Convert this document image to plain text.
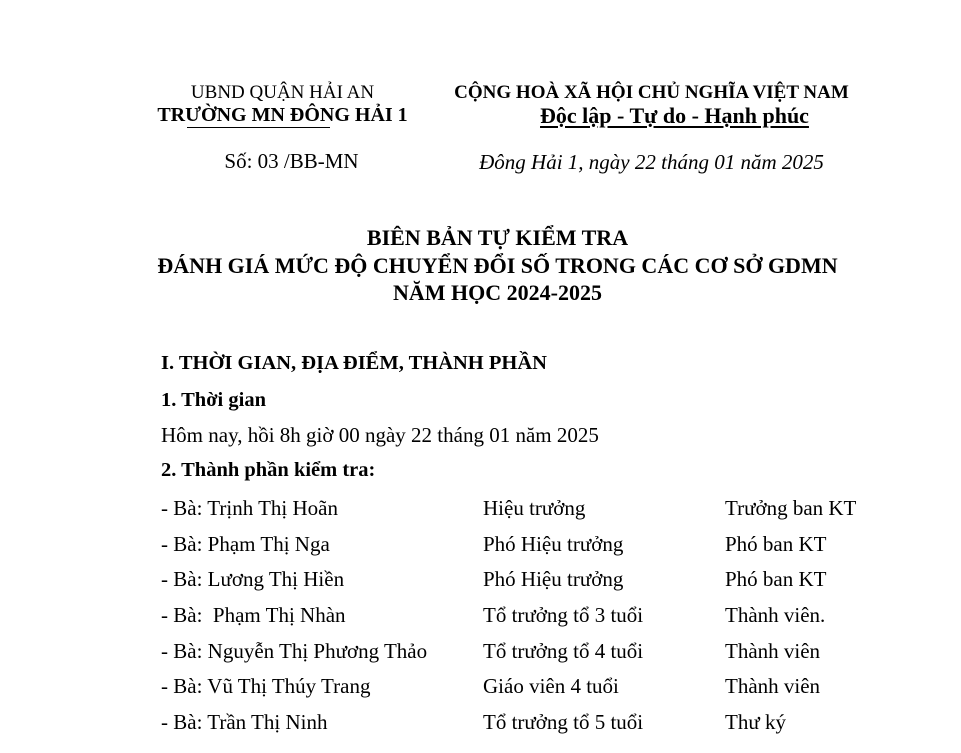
UBND QUẬN HẢI AN
TRƯỜNG MN ĐÔNG HẢI 1
Số: 03 /BB-MN
CỘNG HOÀ XÃ HỘI CHỦ NGHĨA VIỆT NAM
Độc lập - Tự do - Hạnh phúc
Đông Hải 1, ngày 22 tháng 01 năm 2025
BIÊN BẢN TỰ KIỂM TRA
ĐÁNH GIÁ MỨC ĐỘ CHUYỂN ĐỔI SỐ TRONG CÁC CƠ SỞ GDMN
NĂM HỌC 2024-2025
I. THỜI GIAN, ĐỊA ĐIỂM, THÀNH PHẦN
1. Thời gian
Hôm nay, hồi 8h giờ 00 ngày 22 tháng 01 năm 2025
2. Thành phần kiểm tra:
- Bà: Trịnh Thị Hoãn	Hiệu trưởng	Trưởng ban KT
- Bà: Phạm Thị Nga	Phó Hiệu trưởng	Phó ban KT
- Bà: Lương Thị Hiền	Phó Hiệu trưởng	Phó ban KT
- Bà:  Phạm Thị Nhàn	Tổ trưởng tổ 3 tuổi	Thành viên.
- Bà: Nguyễn Thị Phương Thảo	Tổ trưởng tổ 4 tuổi	Thành viên
- Bà: Vũ Thị Thúy Trang	Giáo viên 4 tuổi	Thành viên
- Bà: Trần Thị Ninh	Tổ trưởng tổ 5 tuổi	Thư ký
